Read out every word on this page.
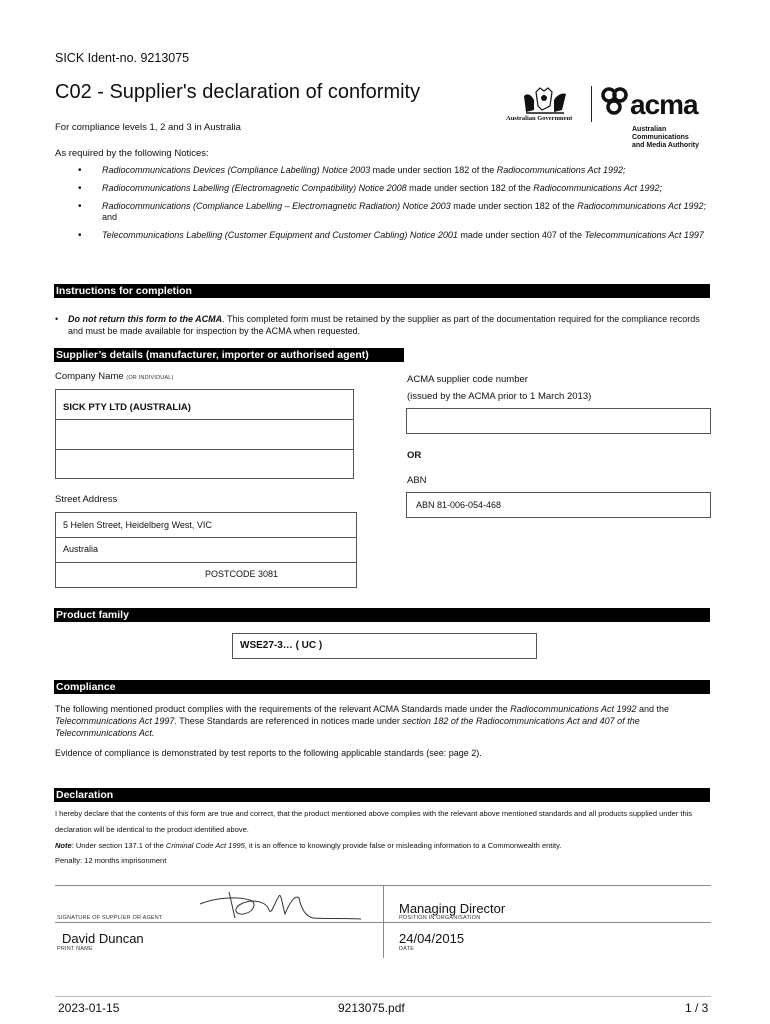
SICK Ident-no. 9213075
C02 - Supplier's declaration of conformity
For compliance levels 1, 2 and 3 in Australia
Australian Government acma
Australian
Communications
and Media Authority
As required by the following Notices:
• Radiocommunications Devices (Compliance Labelling) Notice 2003 made under section 182 of the Radiocommunications Act 1992;
• Radiocommunications Labelling (Electromagnetic Compatibility) Notice 2008 made under section 182 of the Radiocommunications Act 1992;
• Radiocommunications (Compliance Labelling – Electromagnetic Radiation) Notice 2003 made under section 182 of the Radiocommunications Act 1992; and
• Telecommunications Labelling (Customer Equipment and Customer Cabling) Notice 2001 made under section 407 of the Telecommunications Act 1997
Instructions for completion
• Do not return this form to the ACMA. This completed form must be retained by the supplier as part of the documentation required for the compliance records and must be made available for inspection by the ACMA when requested.
Supplier’s details (manufacturer, importer or authorised agent)
Company Name (OR INDIVIDUAL)
SICK PTY LTD (AUSTRALIA)
ACMA supplier code number
(issued by the ACMA prior to 1 March 2013)
OR
ABN
ABN 81-006-054-468
Street Address
5 Helen Street, Heidelberg West, VIC
Australia
POSTCODE 3081
Product family
WSE27-3… ( UC )
Compliance
The following mentioned product complies with the requirements of the relevant ACMA Standards made under the Radiocommunications Act 1992 and the Telecommunications Act 1997. These Standards are referenced in notices made under section 182 of the Radiocommunications Act and 407 of the Telecommunications Act.
Evidence of compliance is demonstrated by test reports to the following applicable standards (see: page 2).
Declaration
I hereby declare that the contents of this form are true and correct, that the product mentioned above complies with the relevant above mentioned standards and all products supplied under this declaration will be identical to the product identified above.
Note: Under section 137.1 of the Criminal Code Act 1995, it is an offence to knowingly provide false or misleading information to a Commonwealth entity.
Penalty: 12 months imprisonment
SIGNATURE OF SUPPLIER OR AGENT
David Duncan
PRINT NAME
Managing Director
POSITION IN ORGANISATION
24/04/2015
DATE
2023-01-15	9213075.pdf	1 / 3
